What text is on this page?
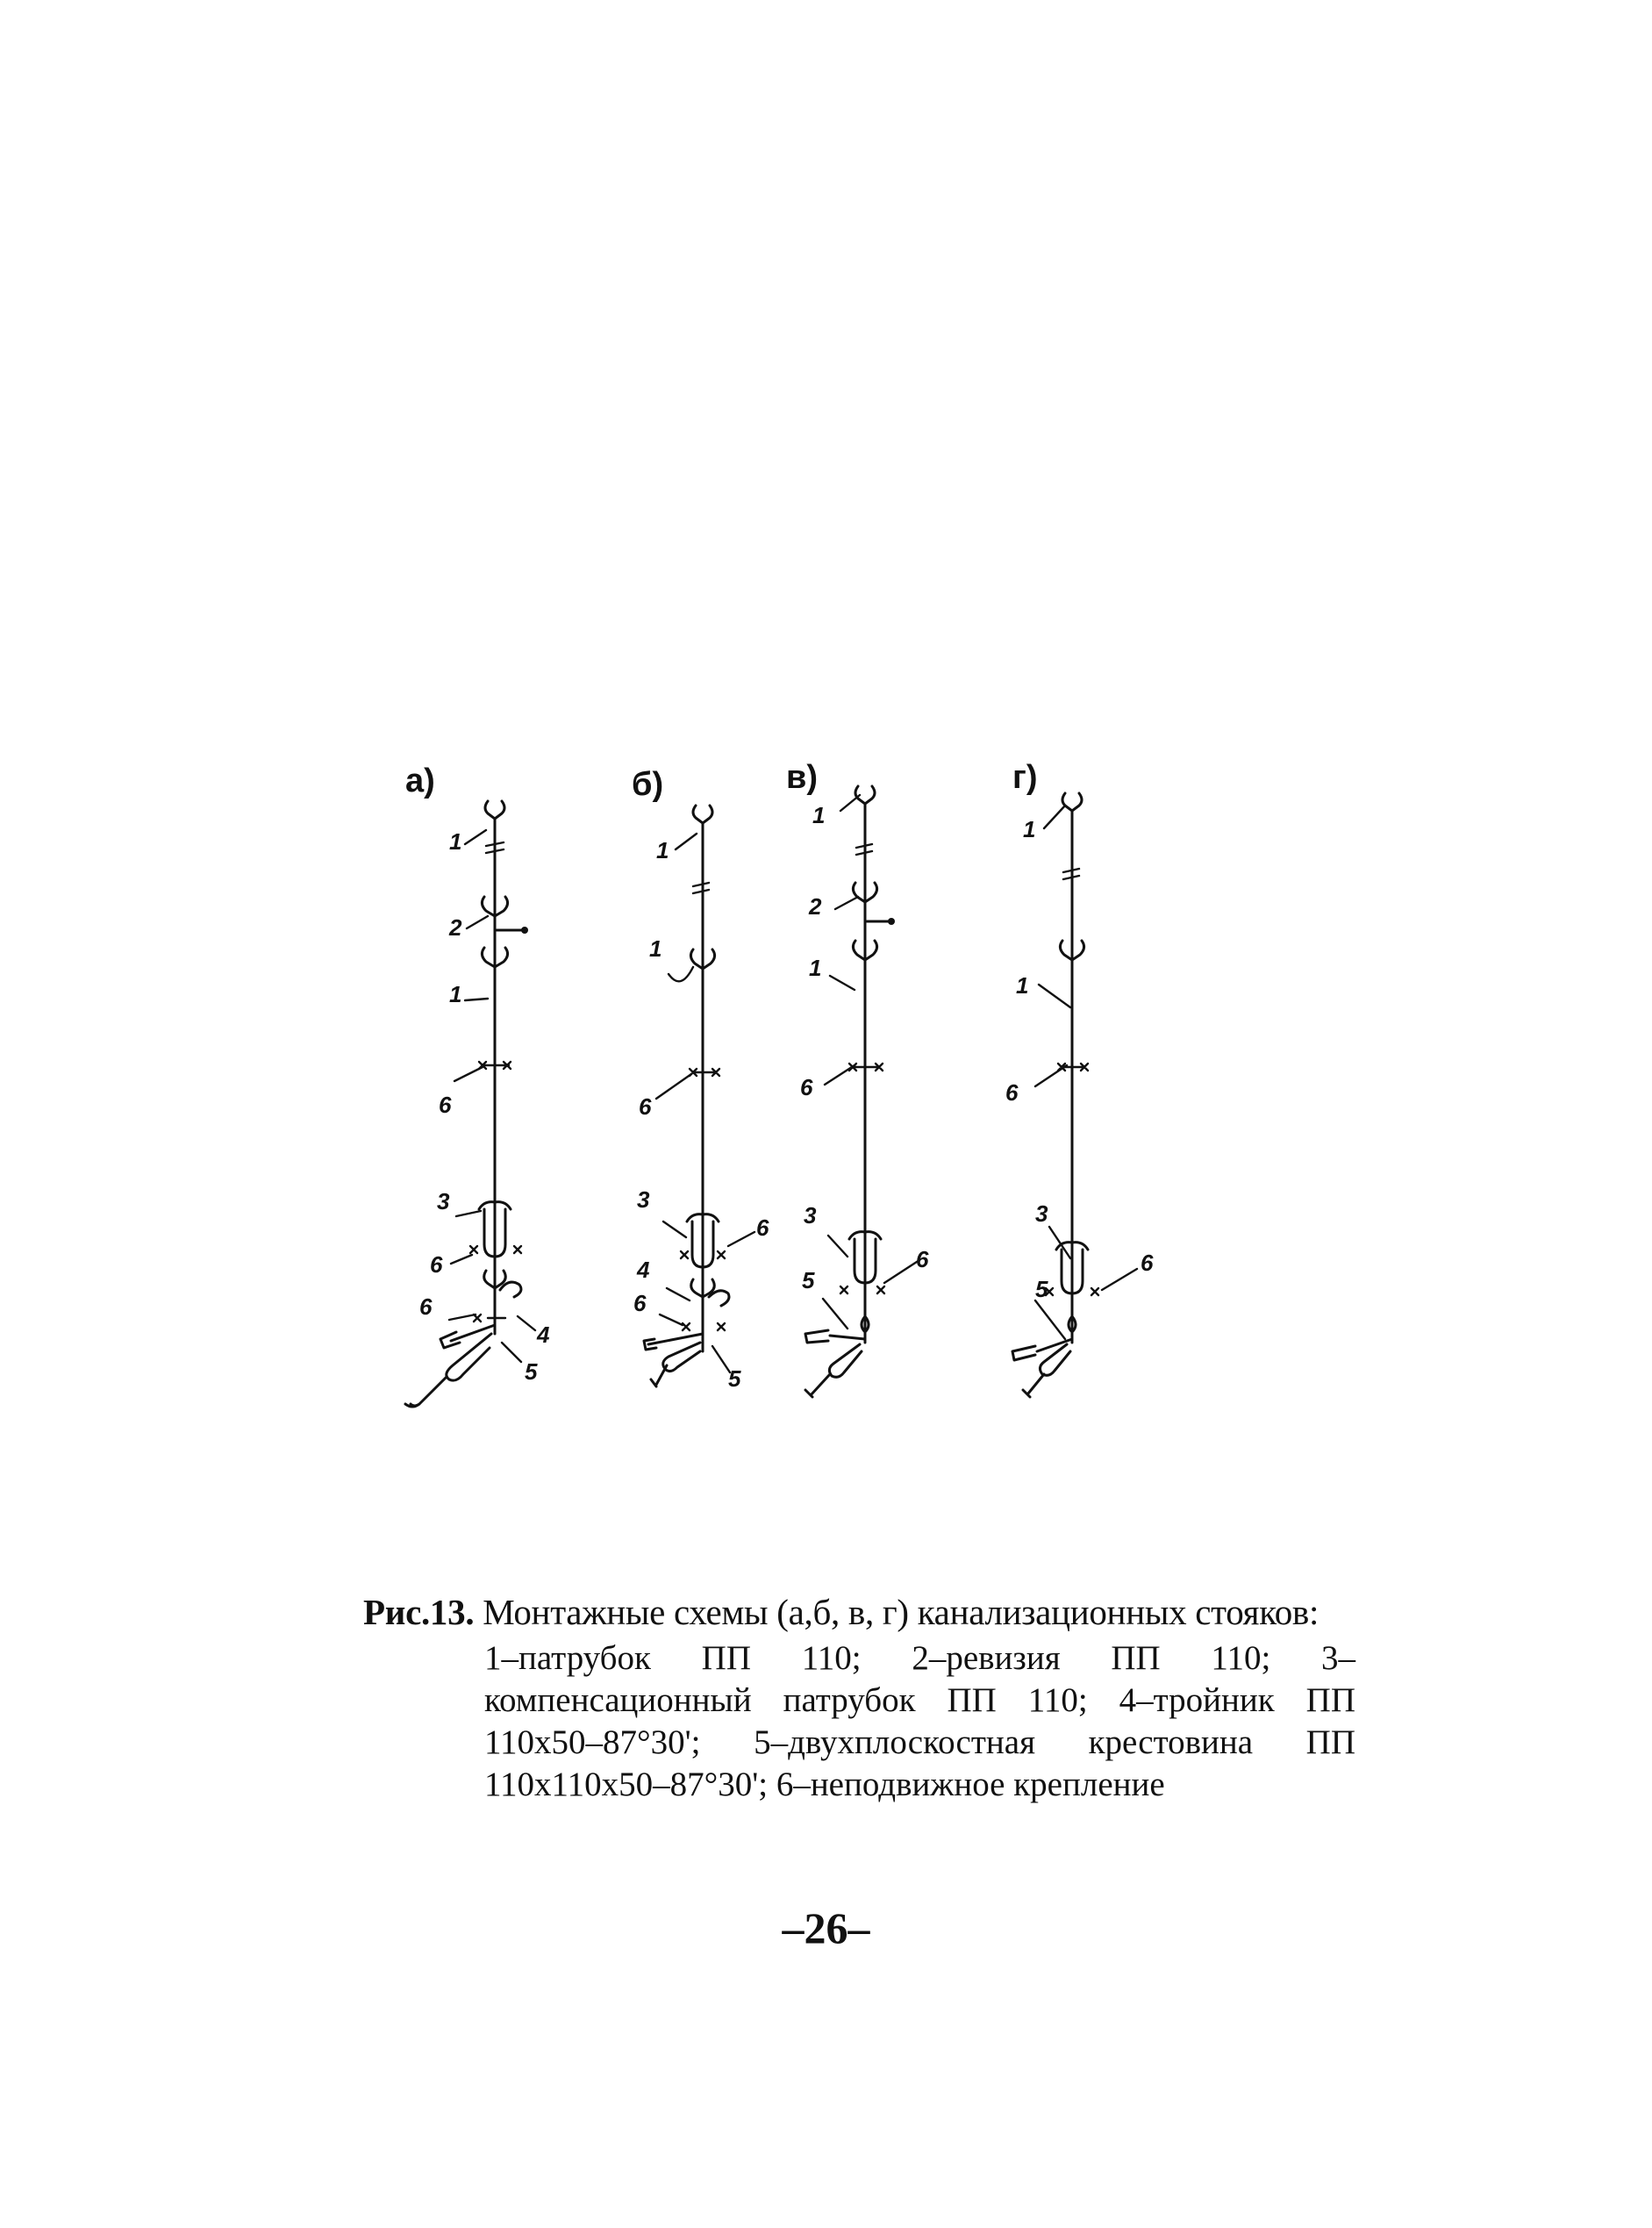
а)
1
2
1
6
3
6
6
4
5
б)
1
1
6
3
6
4
6
5
в)
1
2
1
6
3
5
6
г)
1
1
6
3
5
6
Рис.13. Монтажные схемы (а,б, в, г) канализационных стояков:
1–патрубок ПП 110; 2–ревизия ПП 110; 3–компенсационный патрубок ПП 110; 4–тройник ПП 110х50–87°30'; 5–двухплоскостная крестовина ПП 110х110х50–87°30'; 6–неподвижное крепление
–26–
